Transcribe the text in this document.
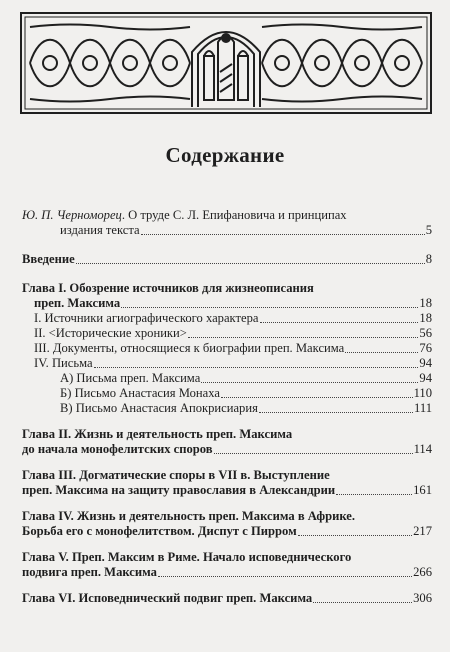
Содержание
Ю. П. Черноморец. О труде С. Л. Епифановича и принципах
издания текста	5
Введение	8
Глава I. Обозрение источников для жизнеописания
преп. Максима	18
I. Источники агиографического характера	18
II. <Исторические хроники>	56
III. Документы, относящиеся к биографии преп. Максима	76
IV. Письма	94
А) Письма преп. Максима	94
Б) Письмо Анастасия Монаха	110
В) Письмо Анастасия Апокрисиария	111
Глава II. Жизнь и деятельность преп. Максима
до начала монофелитских споров	114
Глава III. Догматические споры в VII в. Выступление
преп. Максима на защиту православия в Александрии	161
Глава IV. Жизнь и деятельность преп. Максима в Африке.
Борьба его с монофелитством. Диспут с Пирром	217
Глава V. Преп. Максим в Риме. Начало исповеднического
подвига преп. Максима	266
Глава VI. Исповеднический подвиг преп. Максима	306
